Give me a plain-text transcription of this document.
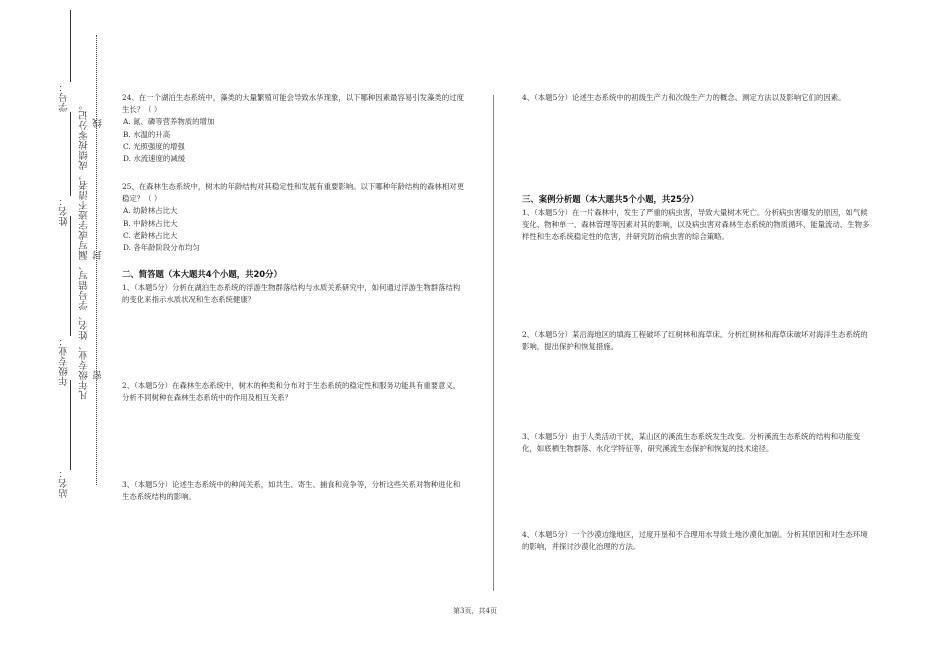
学号：
姓名：
年级专业：
站名：
凡年级专业、姓名、学号错写、漏写或字迹不清者，成绩按零分记。 线
封
密

24、在一个湖泊生态系统中，藻类的大量繁殖可能会导致水华现象，以下哪种因素最容易引发藻类的过度生长？（ ）

A. 氮、磷等营养物质的增加

B. 水温的升高

C. 光照强度的增强

D. 水流速度的减缓

25、在森林生态系统中，树木的年龄结构对其稳定性和发展有重要影响。以下哪种年龄结构的森林相对更稳定？（ ）

A. 幼龄林占比大

B. 中龄林占比大

C. 老龄林占比大

D. 各年龄阶段分布均匀

二、简答题（本大题共4个小题，共20分）
1、（本题5分）分析在湖泊生态系统的浮游生物群落结构与水质关系研究中，如何通过浮游生物群落结构的变化来指示水质状况和生态系统健康？
2、（本题5分）在森林生态系统中，树木的种类和分布对于生态系统的稳定性和服务功能具有重要意义，分析不同树种在森林生态系统中的作用及相互关系？
3、（本题5分）论述生态系统中的种间关系，如共生、寄生、捕食和竞争等，分析这些关系对物种进化和生态系统结构的影响。
4、（本题5分）论述生态系统中的初级生产力和次级生产力的概念、测定方法以及影响它们的因素。
三、案例分析题（本大题共5个小题，共25分）
1、（本题5分）在一片森林中，发生了严重的病虫害，导致大量树木死亡。分析病虫害爆发的原因，如气候变化、物种单一、森林管理等因素对其的影响，以及病虫害对森林生态系统的物质循环、能量流动、生物多样性和生态系统稳定性的危害，并研究防治病虫害的综合策略。
2、（本题5分）某沿海地区的填海工程破坏了红树林和海草床。分析红树林和海草床破坏对海洋生态系统的影响，提出保护和恢复措施。
3、（本题5分）由于人类活动干扰，某山区的溪流生态系统发生改变。分析溪流生态系统的结构和功能变化，如底栖生物群落、水化学特征等，研究溪流生态保护和恢复的技术途径。
4、（本题5分）一个沙漠边缘地区，过度开垦和不合理用水导致土地沙漠化加剧。分析其原因和对生态环境的影响，并探讨沙漠化治理的方法。
第3页，共4页
